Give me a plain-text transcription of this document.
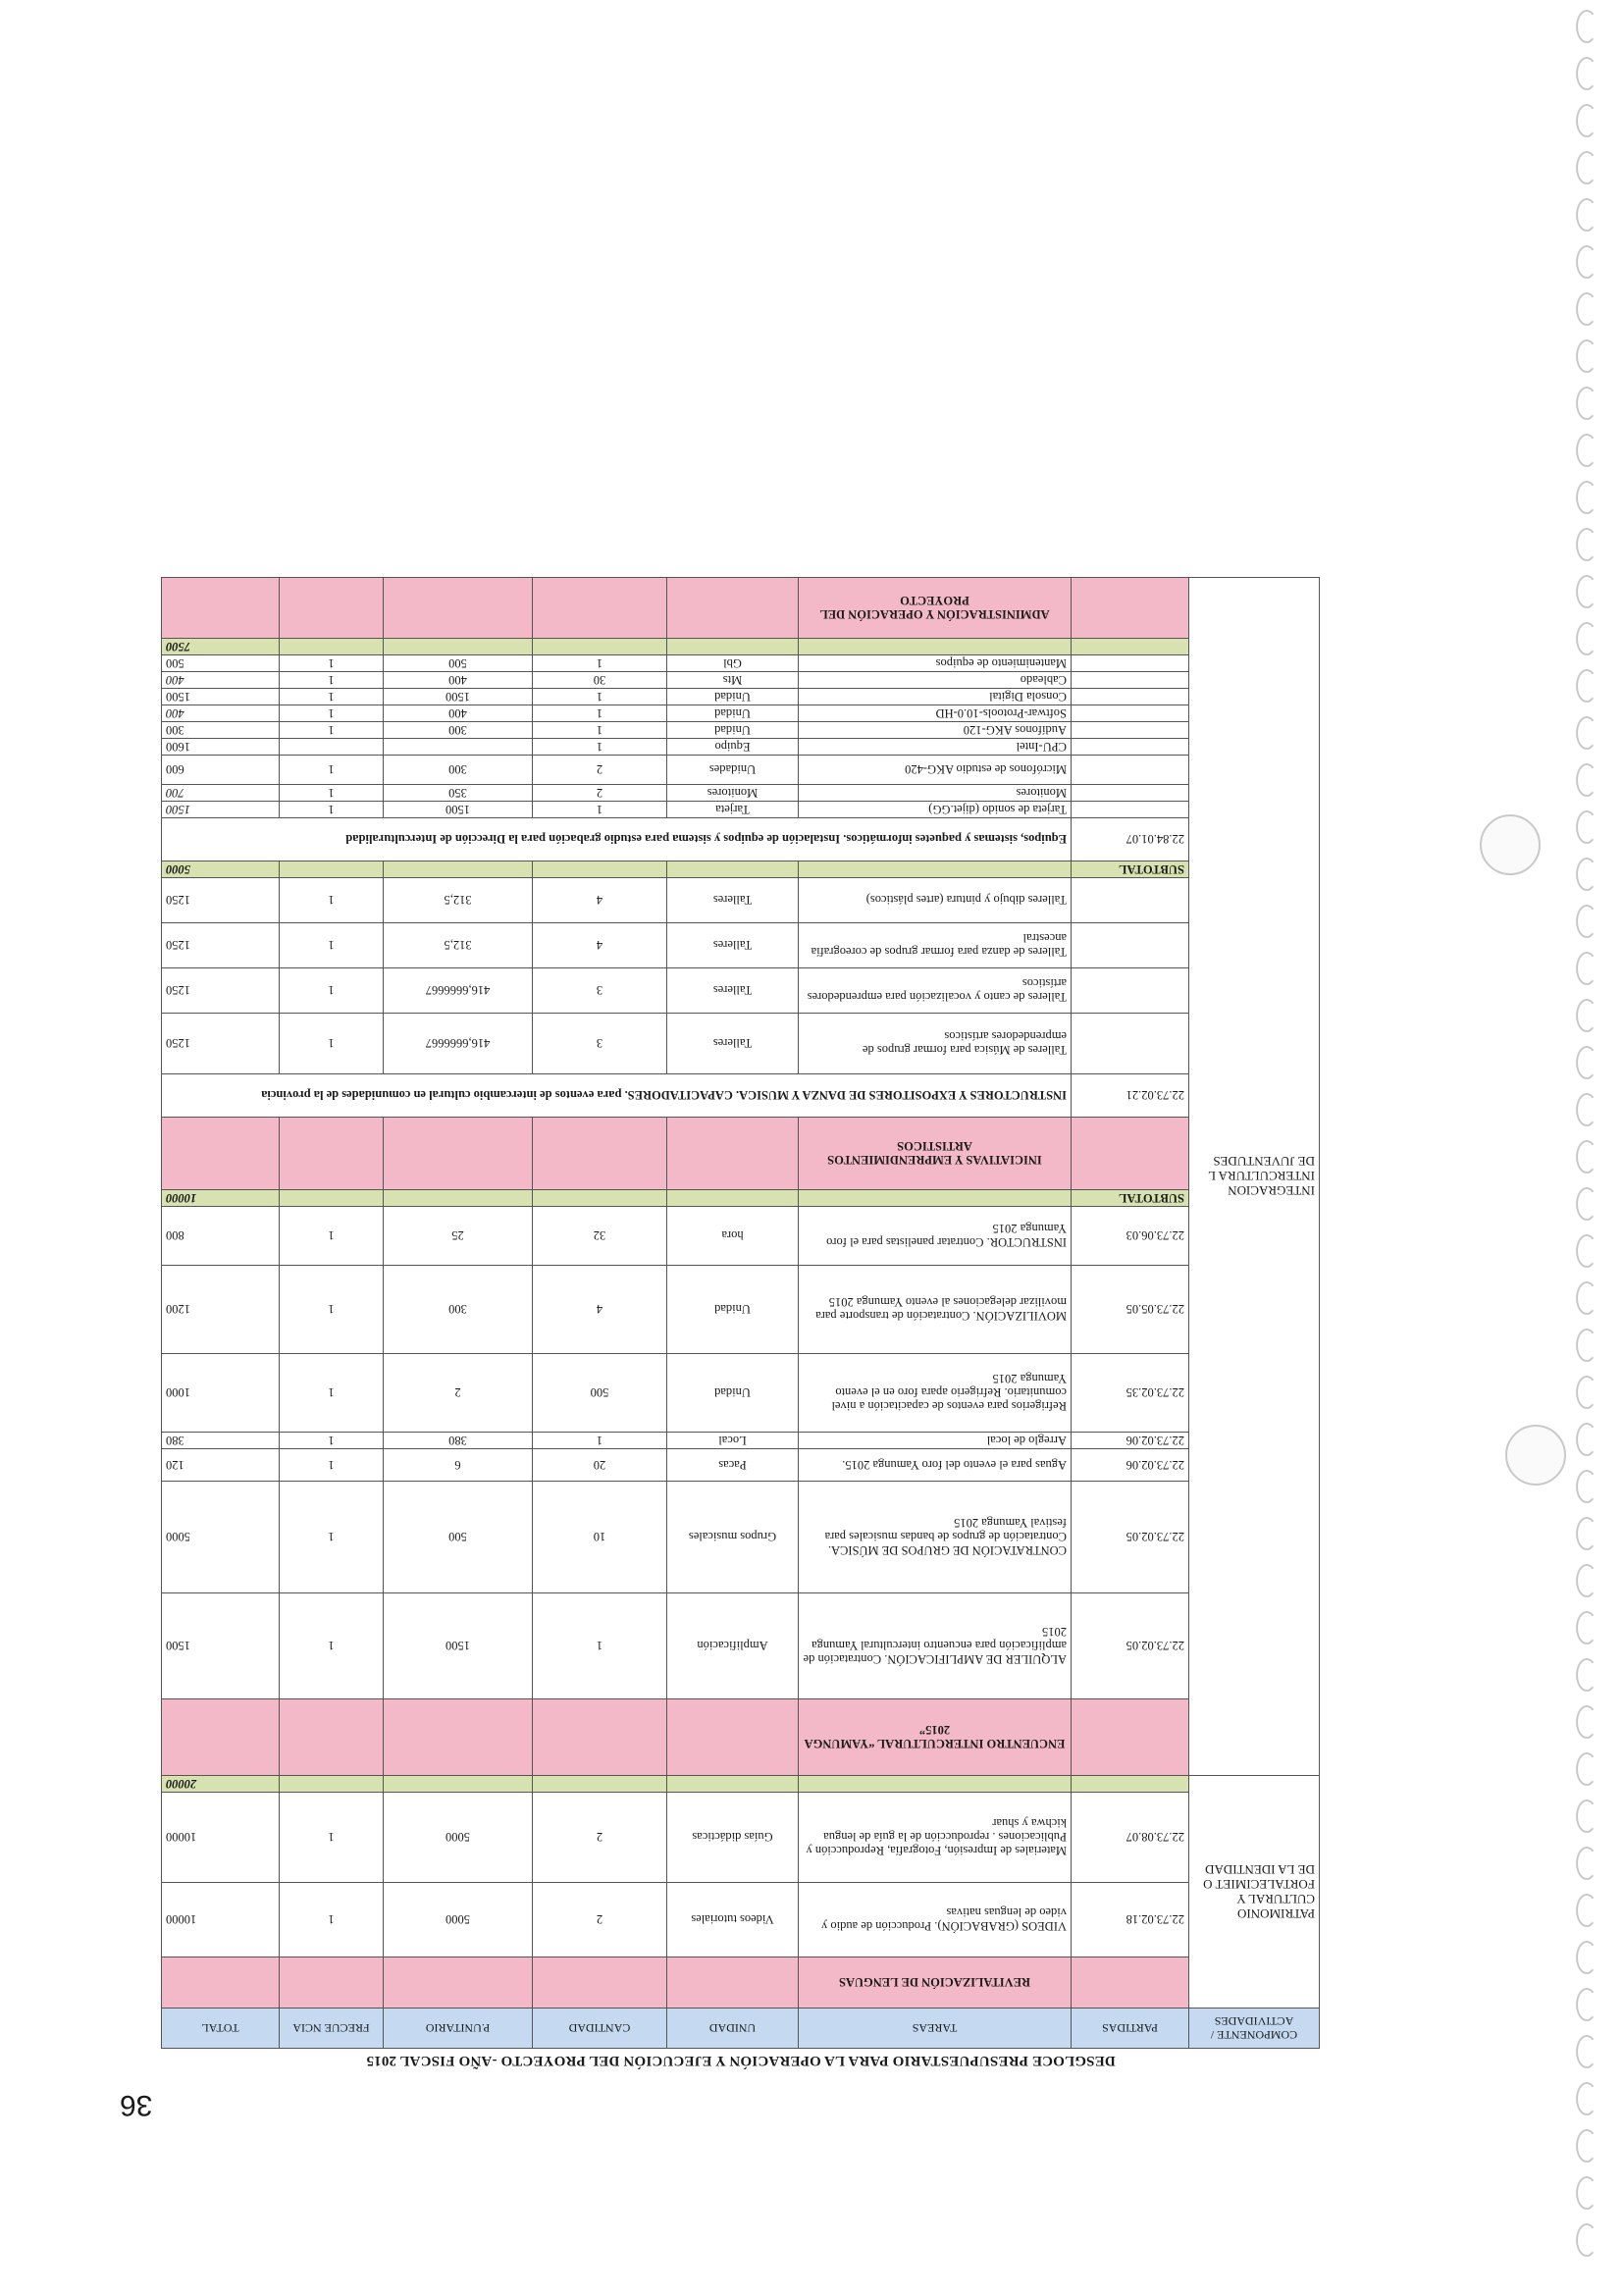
36
DESGLOCE PRESUPUESTARIO PARA LA OPERACIÓN Y EJECUCIÓN DEL PROYECTO -AÑO FISCAL 2015
COMPONENTE / ACTIVIDADES	PARTIDAS	TAREAS	UNIDAD	CANTIDAD	P.UNITARIO	FRECUE NCIA	TOTAL
PATRIMONIO CULTURAL Y FORTALECIMIET O DE LA IDENTIDAD		REVITALIZACIÓN DE LENGUAS					
	22.73.02.18	VIDEOS (GRABACIÓN). Producción de audio y video de lenguas nativas	Videos tutoriales	2	5000	1	10000
	22.73.08.07	Materiales de Impresión, Fotografía, Reproducción y Publicaciones . reproducción de la guía de lengua kichwa y shuar	Guías didácticas	2	5000	1	10000
							20000
INTEGRACION INTERCULTURA L DE JUVENTUDES		ENCUENTRO INTERCULTURAL “YAMUNGA 2015”					
	22.73.02.05	ALQUILER DE AMPLIFICACIÓN. Contratación de amplificación para encuentro intercultural Yamunga 2015	Amplificación	1	1500	1	1500
	22.73.02.05	CONTRATACIÓN DE GRUPOS DE MÚSICA. Contratación de grupos de bandas musicales para festival Yamunga 2015	Grupos musicales	10	500	1	5000
	22.73.02.06	Aguas para el evento del foro Yamunga 2015.	Pacas	20	6	1	120
	22.73.02.06	Arreglo de local	Local	1	380	1	380
	22.73.02.35	Refrigerios para eventos de capacitación a nivel comunitario. Refrigerio apara foro en el evento Yamunga 2015	Unidad	500	2	1	1000
	22.73.05.05	MOVILIZACIÓN. Contratación de transporte para movilizar delegaciones al evento Yamunga 2015	Unidad	4	300	1	1200
	22.73.06.03	INSTRUCTOR. Contratar panelistas para el foro Yamunga 2015	hora	32	25	1	800
	SUBTOTAL						10000
		INICIATIVAS Y EMPRENDIMIENTOS ARTISTICOS					
	22.73.02.21	INSTRUCTORES Y EXPOSITORES DE DANZA Y MUSICA. CAPACITADORES. para eventos de intercambio cultural en comunidades de la provincia					
		Talleres de Música para formar grupos de emprendedores artísticos	Talleres	3	416,6666667	1	1250
		Talleres de canto y vocalización para emprendedores artísticos	Talleres	3	416,6666667	1	1250
		Talleres de danza para formar grupos de coreografía ancestral	Talleres	4	312,5	1	1250
		Talleres dibujo y pintura (artes plásticos)	Talleres	4	312,5	1	1250
	SUBTOTAL						5000
	22.84.01.07	Equipos, sistemas y paquetes informáticos. Instalación de equipos y sistema para estudio grabación para la Dirección de Interculturalidad					
		Tarjeta de sonido (dijet.GG)	Tarjeta	1	1500	1	1500
		Monitores	Monitores	2	350	1	700
		Micrófonos de estudio AKG-420	Unidades	2	300	1	600
		CPU-Intel	Equipo	1			1600
		Audífonos AKG-120	Unidad	1	300	1	300
		Softwar-Protools-10.0-HD	Unidad	1	400	1	400
		Consola Digital	Unidad	1	1500	1	1500
		Cableado	Mts	30	400	1	400
		Mantenimiento de equipos	Gbl	1	500	1	500
							7500
		ADMINISTRACIÓN Y OPERACIÓN DEL PROYECTO					
